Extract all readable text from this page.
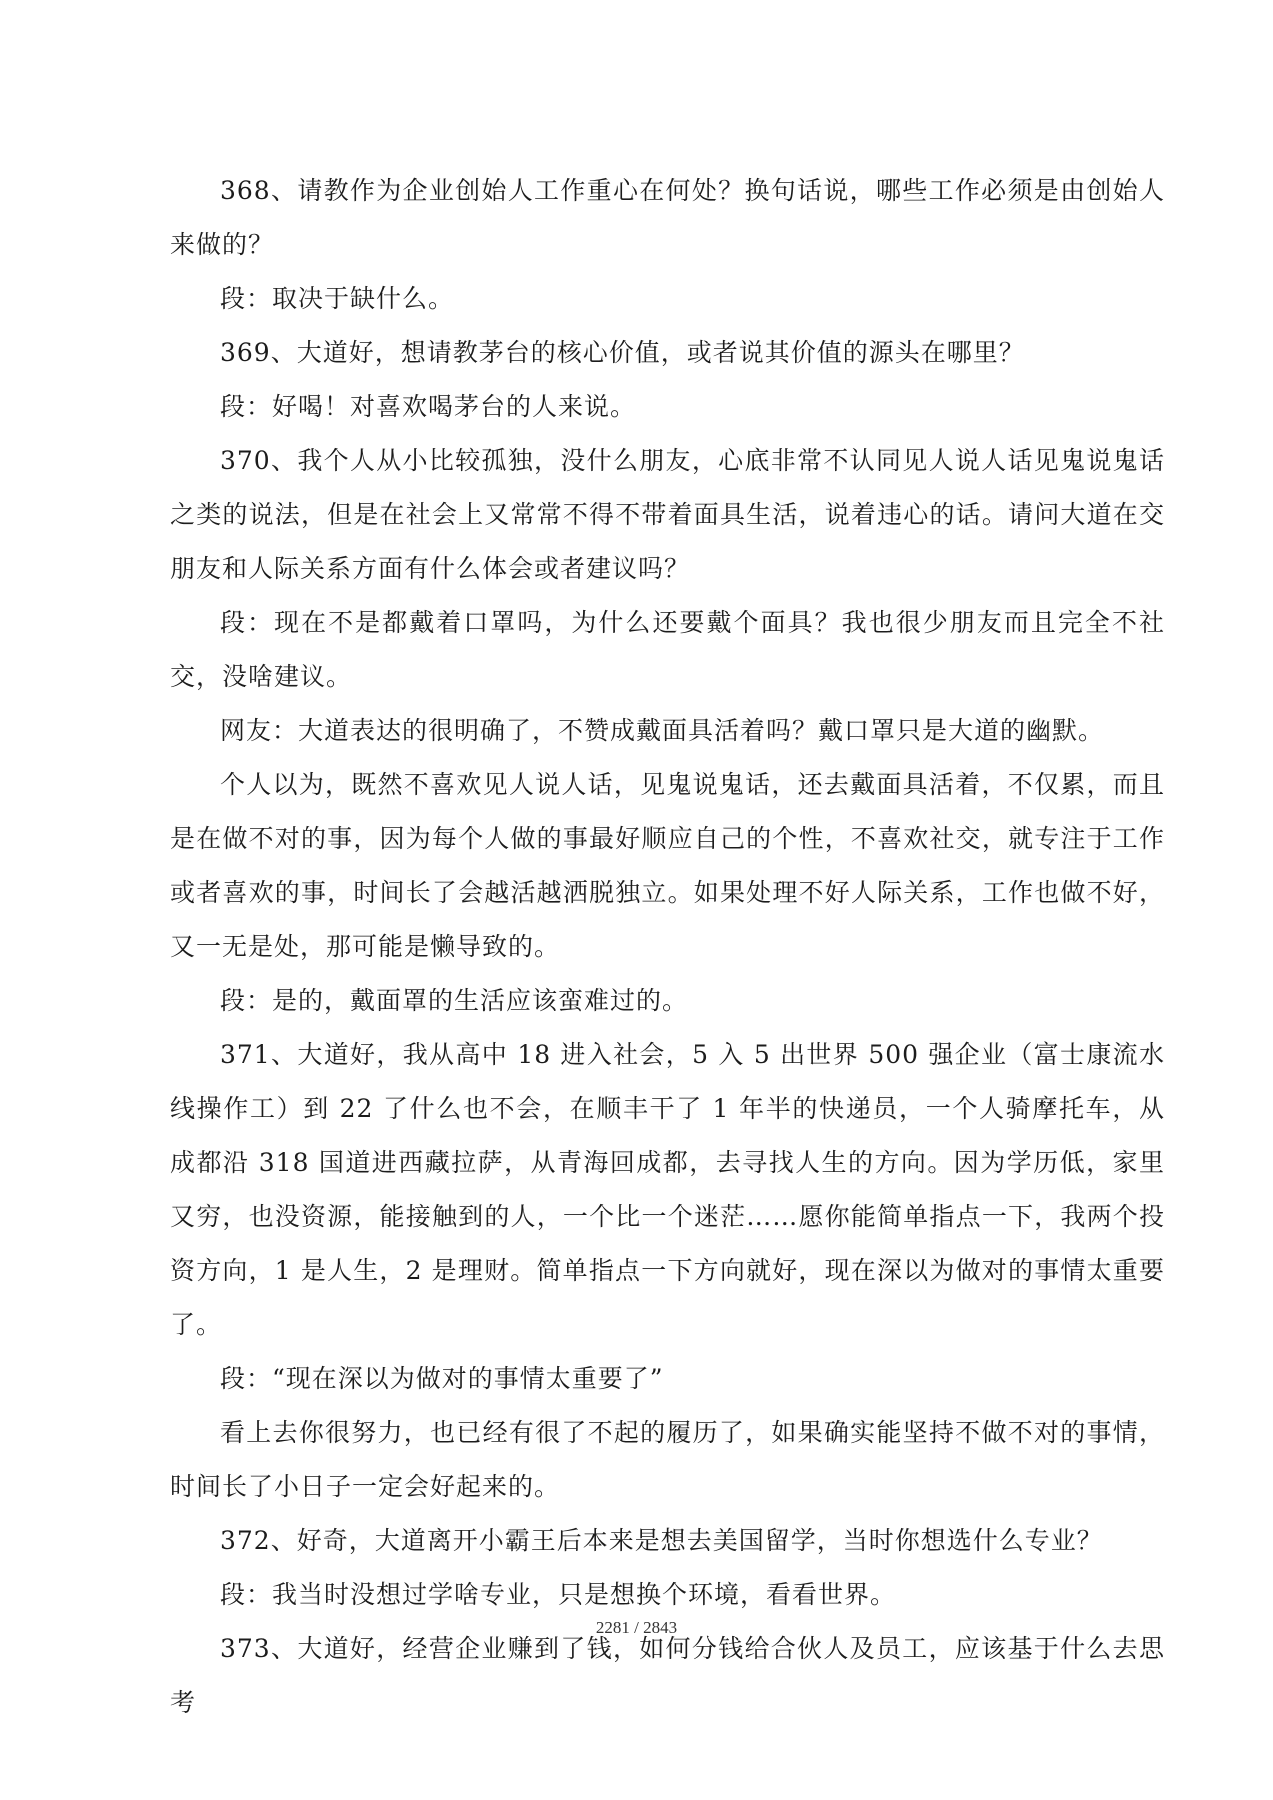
368、请教作为企业创始人工作重心在何处？换句话说，哪些工作必须是由创始人来做的？

段：取决于缺什么。

369、大道好，想请教茅台的核心价值，或者说其价值的源头在哪里？

段：好喝！对喜欢喝茅台的人来说。

370、我个人从小比较孤独，没什么朋友，心底非常不认同见人说人话见鬼说鬼话之类的说法，但是在社会上又常常不得不带着面具生活，说着违心的话。请问大道在交朋友和人际关系方面有什么体会或者建议吗？

段：现在不是都戴着口罩吗，为什么还要戴个面具？我也很少朋友而且完全不社交，没啥建议。

网友：大道表达的很明确了，不赞成戴面具活着吗？戴口罩只是大道的幽默。

个人以为，既然不喜欢见人说人话，见鬼说鬼话，还去戴面具活着，不仅累，而且是在做不对的事，因为每个人做的事最好顺应自己的个性，不喜欢社交，就专注于工作或者喜欢的事，时间长了会越活越洒脱独立。如果处理不好人际关系，工作也做不好，又一无是处，那可能是懒导致的。

段：是的，戴面罩的生活应该蛮难过的。

371、大道好，我从高中 18 进入社会，5 入 5 出世界 500 强企业（富士康流水线操作工）到 22 了什么也不会，在顺丰干了 1 年半的快递员，一个人骑摩托车，从成都沿 318 国道进西藏拉萨，从青海回成都，去寻找人生的方向。因为学历低，家里又穷，也没资源，能接触到的人，一个比一个迷茫……愿你能简单指点一下，我两个投资方向，1 是人生，2 是理财。简单指点一下方向就好，现在深以为做对的事情太重要了。

段：“现在深以为做对的事情太重要了”

看上去你很努力，也已经有很了不起的履历了，如果确实能坚持不做不对的事情，时间长了小日子一定会好起来的。

372、好奇，大道离开小霸王后本来是想去美国留学，当时你想选什么专业？

段：我当时没想过学啥专业，只是想换个环境，看看世界。

373、大道好，经营企业赚到了钱，如何分钱给合伙人及员工，应该基于什么去思考

2281 / 2843
